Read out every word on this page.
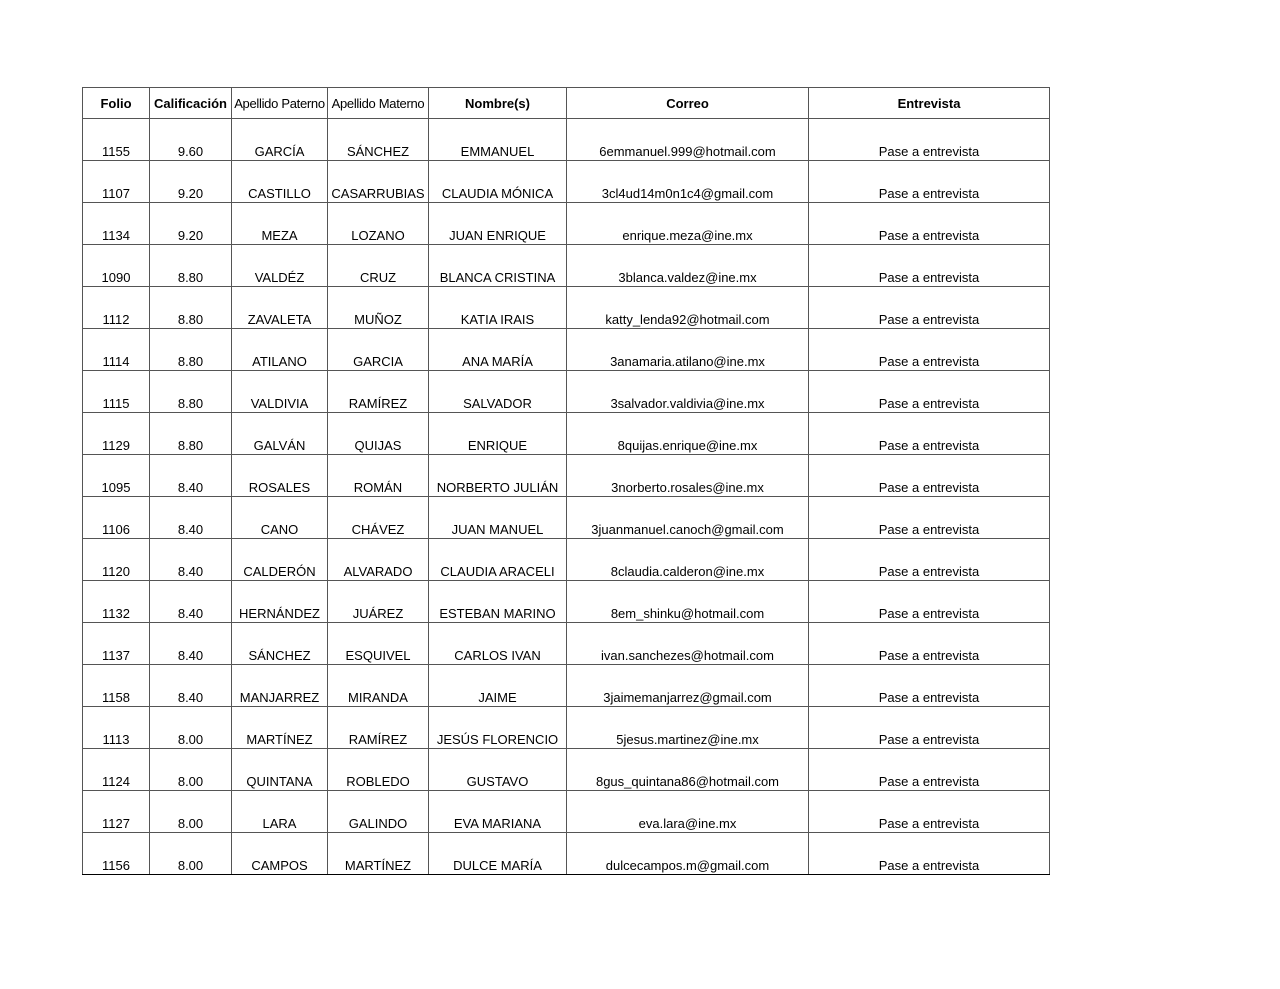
Folio	Calificación	Apellido Paterno	Apellido Materno	Nombre(s)	Correo	Entrevista
1155	9.60	GARCÍA	SÁNCHEZ	EMMANUEL	6emmanuel.999@hotmail.com	Pase a entrevista
1107	9.20	CASTILLO	CASARRUBIAS	CLAUDIA MÓNICA	3cl4ud14m0n1c4@gmail.com	Pase a entrevista
1134	9.20	MEZA	LOZANO	JUAN ENRIQUE	enrique.meza@ine.mx	Pase a entrevista
1090	8.80	VALDÉZ	CRUZ	BLANCA CRISTINA	3blanca.valdez@ine.mx	Pase a entrevista
1112	8.80	ZAVALETA	MUÑOZ	KATIA IRAIS	katty_lenda92@hotmail.com	Pase a entrevista
1114	8.80	ATILANO	GARCIA	ANA MARÍA	3anamaria.atilano@ine.mx	Pase a entrevista
1115	8.80	VALDIVIA	RAMÍREZ	SALVADOR	3salvador.valdivia@ine.mx	Pase a entrevista
1129	8.80	GALVÁN	QUIJAS	ENRIQUE	8quijas.enrique@ine.mx	Pase a entrevista
1095	8.40	ROSALES	ROMÁN	NORBERTO JULIÁN	3norberto.rosales@ine.mx	Pase a entrevista
1106	8.40	CANO	CHÁVEZ	JUAN MANUEL	3juanmanuel.canoch@gmail.com	Pase a entrevista
1120	8.40	CALDERÓN	ALVARADO	CLAUDIA ARACELI	8claudia.calderon@ine.mx	Pase a entrevista
1132	8.40	HERNÁNDEZ	JUÁREZ	ESTEBAN MARINO	8em_shinku@hotmail.com	Pase a entrevista
1137	8.40	SÁNCHEZ	ESQUIVEL	CARLOS IVAN	ivan.sanchezes@hotmail.com	Pase a entrevista
1158	8.40	MANJARREZ	MIRANDA	JAIME	3jaimemanjarrez@gmail.com	Pase a entrevista
1113	8.00	MARTÍNEZ	RAMÍREZ	JESÚS FLORENCIO	5jesus.martinez@ine.mx	Pase a entrevista
1124	8.00	QUINTANA	ROBLEDO	GUSTAVO	8gus_quintana86@hotmail.com	Pase a entrevista
1127	8.00	LARA	GALINDO	EVA MARIANA	eva.lara@ine.mx	Pase a entrevista
1156	8.00	CAMPOS	MARTÍNEZ	DULCE MARÍA	dulcecampos.m@gmail.com	Pase a entrevista
